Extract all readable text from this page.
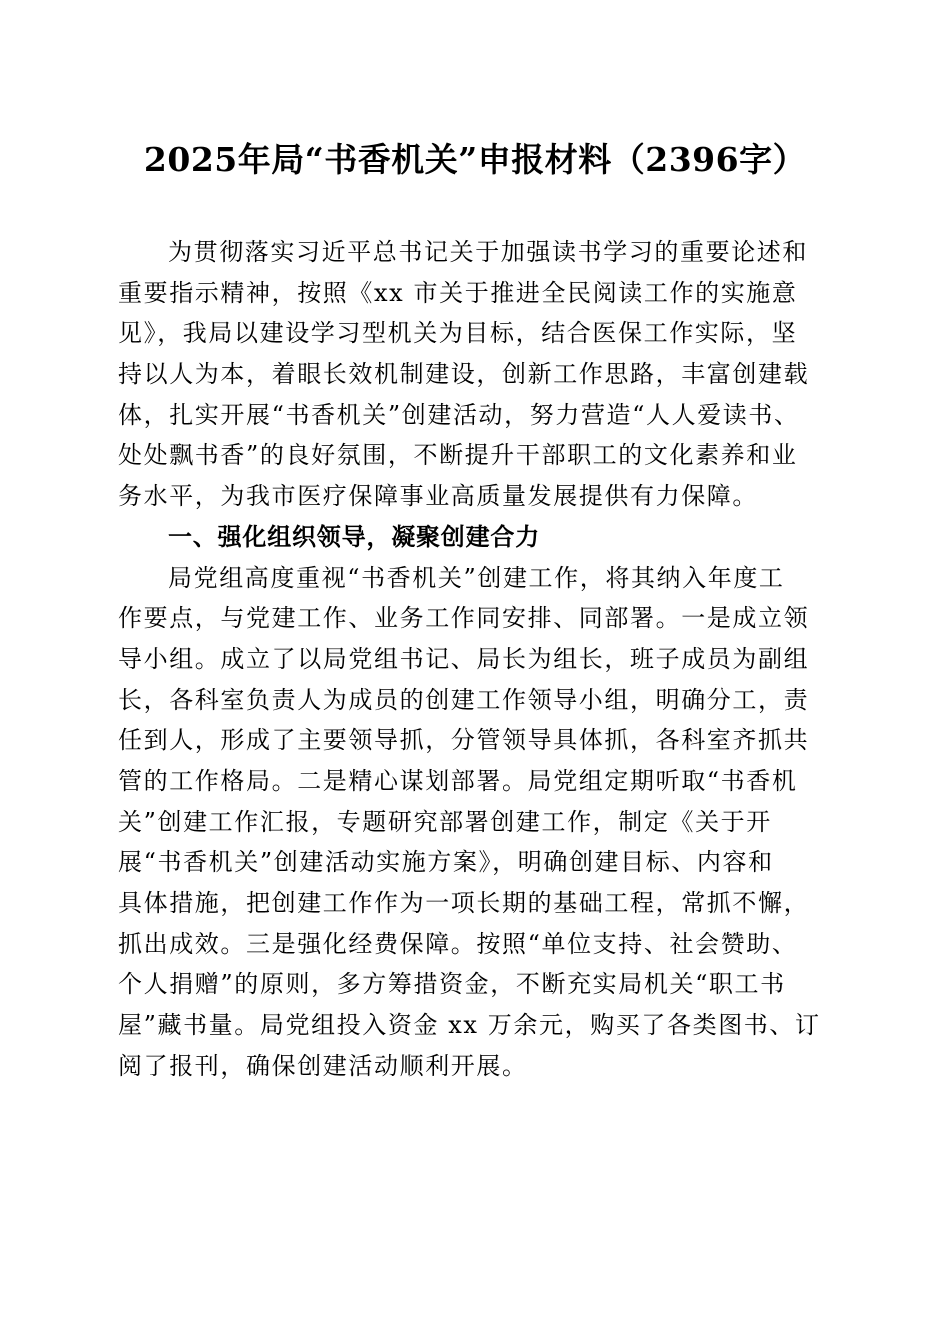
2025年局“书香机关”申报材料（2396字）
为贯彻落实习近平总书记关于加强读书学习的重要论述和
重要指示精神，按照《xx 市关于推进全民阅读工作的实施意
见》，我局以建设学习型机关为目标，结合医保工作实际，坚
持以人为本，着眼长效机制建设，创新工作思路，丰富创建载
体，扎实开展“书香机关”创建活动，努力营造“人人爱读书、
处处飘书香”的良好氛围，不断提升干部职工的文化素养和业
务水平，为我市医疗保障事业高质量发展提供有力保障。
一、强化组织领导，凝聚创建合力
局党组高度重视“书香机关”创建工作，将其纳入年度工
作要点，与党建工作、业务工作同安排、同部署。一是成立领
导小组。成立了以局党组书记、局长为组长，班子成员为副组
长，各科室负责人为成员的创建工作领导小组，明确分工，责
任到人，形成了主要领导抓，分管领导具体抓，各科室齐抓共
管的工作格局。二是精心谋划部署。局党组定期听取“书香机
关”创建工作汇报，专题研究部署创建工作，制定《关于开
展“书香机关”创建活动实施方案》，明确创建目标、内容和
具体措施，把创建工作作为一项长期的基础工程，常抓不懈，
抓出成效。三是强化经费保障。按照“单位支持、社会赞助、
个人捐赠”的原则，多方筹措资金，不断充实局机关“职工书
屋”藏书量。局党组投入资金 xx 万余元，购买了各类图书、订
阅了报刊，确保创建活动顺利开展。
